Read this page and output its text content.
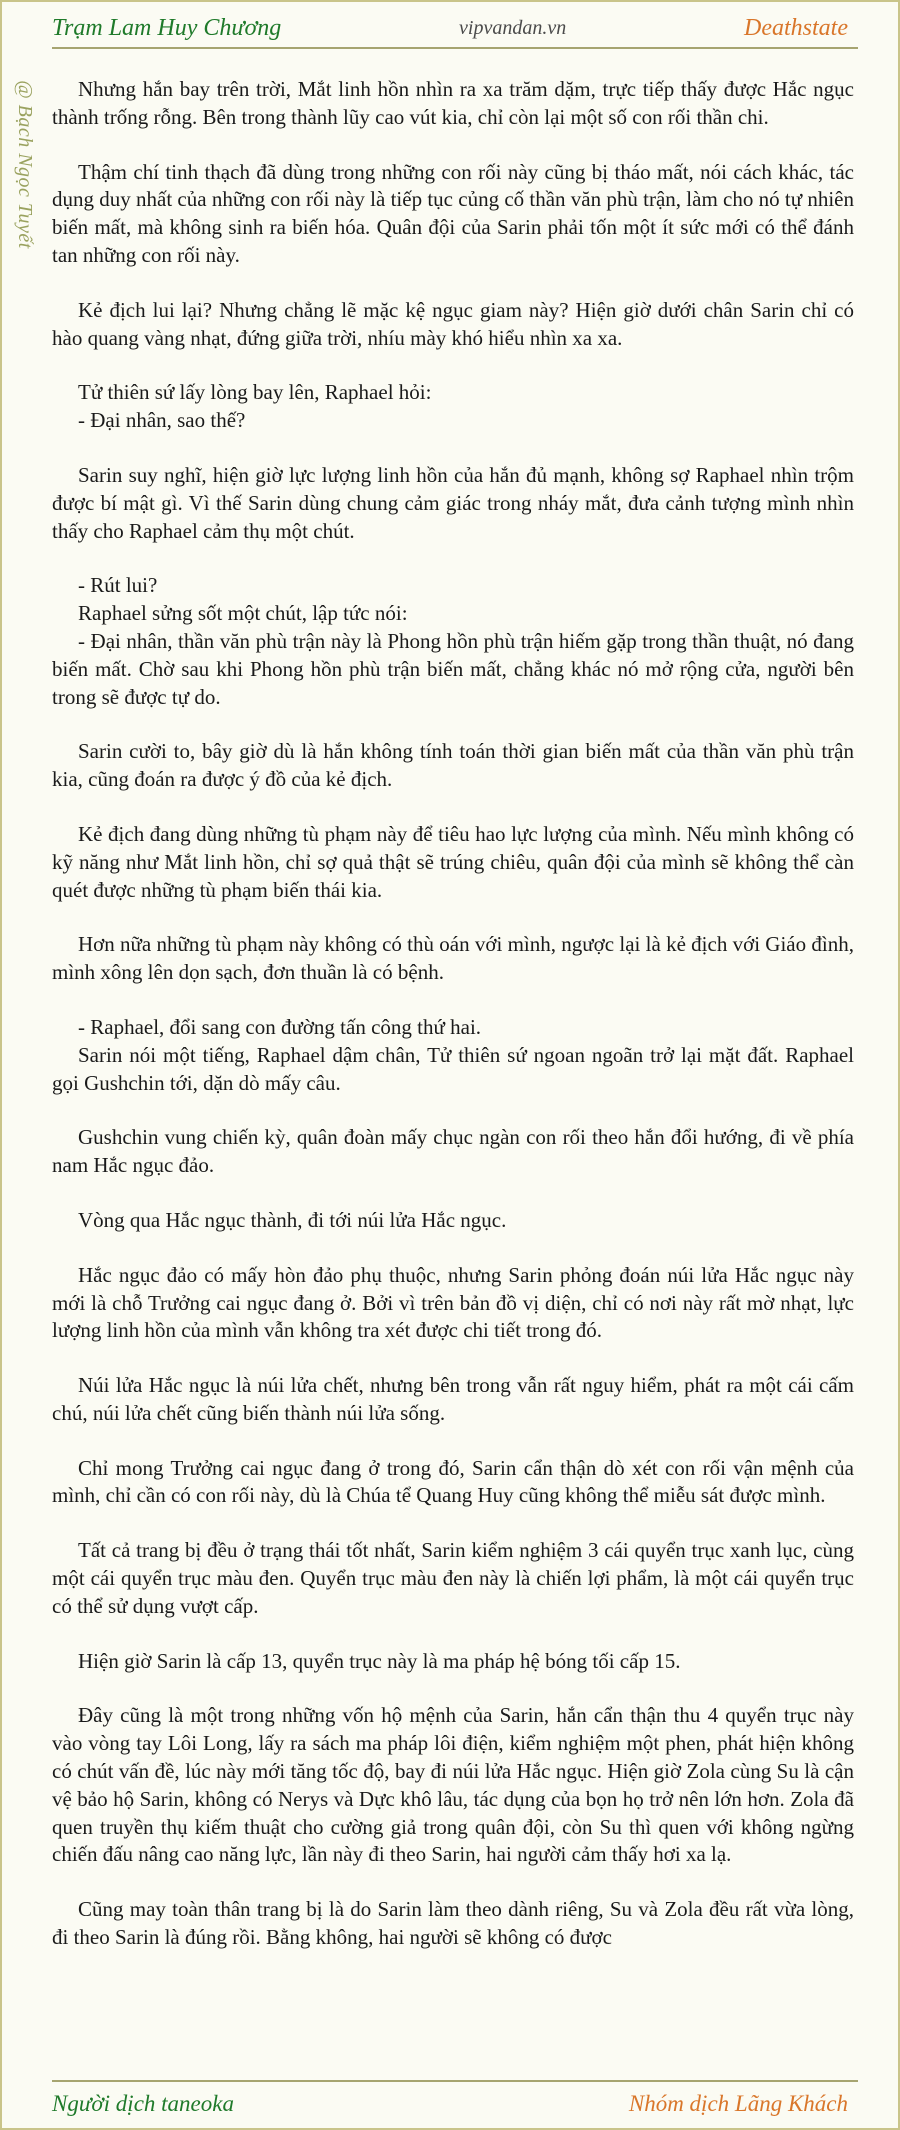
Trạm Lam Huy Chương	vipvandan.vn	Deathstate
@ Bạch Ngọc Tuyết	Nhưng hắn bay trên trời, Mắt linh hồn nhìn ra xa trăm dặm, trực tiếp thấy được Hắc ngục thành trống rỗng. Bên trong thành lũy cao vút kia, chỉ còn lại một số con rối thần chi.
Thậm chí tinh thạch đã dùng trong những con rối này cũng bị tháo mất, nói cách khác, tác dụng duy nhất của những con rối này là tiếp tục củng cố thần văn phù trận, làm cho nó tự nhiên biến mất, mà không sinh ra biến hóa. Quân đội của Sarin phải tốn một ít sức mới có thể đánh tan những con rối này.
Kẻ địch lui lại? Nhưng chẳng lẽ mặc kệ ngục giam này? Hiện giờ dưới chân Sarin chỉ có hào quang vàng nhạt, đứng giữa trời, nhíu mày khó hiểu nhìn xa xa.
Tử thiên sứ lấy lòng bay lên, Raphael hỏi:
- Đại nhân, sao thế?
Sarin suy nghĩ, hiện giờ lực lượng linh hồn của hắn đủ mạnh, không sợ Raphael nhìn trộm được bí mật gì. Vì thế Sarin dùng chung cảm giác trong nháy mắt, đưa cảnh tượng mình nhìn thấy cho Raphael cảm thụ một chút.
- Rút lui?
Raphael sửng sốt một chút, lập tức nói:
- Đại nhân, thần văn phù trận này là Phong hồn phù trận hiếm gặp trong thần thuật, nó đang biến mất. Chờ sau khi Phong hồn phù trận biến mất, chẳng khác nó mở rộng cửa, người bên trong sẽ được tự do.
Sarin cười to, bây giờ dù là hắn không tính toán thời gian biến mất của thần văn phù trận kia, cũng đoán ra được ý đồ của kẻ địch.
Kẻ địch đang dùng những tù phạm này để tiêu hao lực lượng của mình. Nếu mình không có kỹ năng như Mắt linh hồn, chỉ sợ quả thật sẽ trúng chiêu, quân đội của mình sẽ không thể càn quét được những tù phạm biến thái kia.
Hơn nữa những tù phạm này không có thù oán với mình, ngược lại là kẻ địch với Giáo đình, mình xông lên dọn sạch, đơn thuần là có bệnh.
- Raphael, đổi sang con đường tấn công thứ hai.
Sarin nói một tiếng, Raphael dậm chân, Tử thiên sứ ngoan ngoãn trở lại mặt đất. Raphael gọi Gushchin tới, dặn dò mấy câu.
Gushchin vung chiến kỳ, quân đoàn mấy chục ngàn con rối theo hắn đổi hướng, đi về phía nam Hắc ngục đảo.
Vòng qua Hắc ngục thành, đi tới núi lửa Hắc ngục.
Hắc ngục đảo có mấy hòn đảo phụ thuộc, nhưng Sarin phỏng đoán núi lửa Hắc ngục này mới là chỗ Trưởng cai ngục đang ở. Bởi vì trên bản đồ vị diện, chỉ có nơi này rất mờ nhạt, lực lượng linh hồn của mình vẫn không tra xét được chi tiết trong đó.
Núi lửa Hắc ngục là núi lửa chết, nhưng bên trong vẫn rất nguy hiểm, phát ra một cái cấm chú, núi lửa chết cũng biến thành núi lửa sống.
Chỉ mong Trưởng cai ngục đang ở trong đó, Sarin cẩn thận dò xét con rối vận mệnh của mình, chỉ cần có con rối này, dù là Chúa tể Quang Huy cũng không thể miễu sát được mình.
Tất cả trang bị đều ở trạng thái tốt nhất, Sarin kiểm nghiệm 3 cái quyển trục xanh lục, cùng một cái quyển trục màu đen. Quyển trục màu đen này là chiến lợi phẩm, là một cái quyển trục có thể sử dụng vượt cấp.
Hiện giờ Sarin là cấp 13, quyển trục này là ma pháp hệ bóng tối cấp 15.
Đây cũng là một trong những vốn hộ mệnh của Sarin, hắn cẩn thận thu 4 quyển trục này vào vòng tay Lôi Long, lấy ra sách ma pháp lôi điện, kiểm nghiệm một phen, phát hiện không có chút vấn đề, lúc này mới tăng tốc độ, bay đi núi lửa Hắc ngục. Hiện giờ Zola cùng Su là cận vệ bảo hộ Sarin, không có Nerys và Dực khô lâu, tác dụng của bọn họ trở nên lớn hơn. Zola đã quen truyền thụ kiếm thuật cho cường giả trong quân đội, còn Su thì quen với không ngừng chiến đấu nâng cao năng lực, lần này đi theo Sarin, hai người cảm thấy hơi xa lạ.
Cũng may toàn thân trang bị là do Sarin làm theo dành riêng, Su và Zola đều rất vừa lòng, đi theo Sarin là đúng rồi. Bằng không, hai người sẽ không có được
Người dịch taneoka	Nhóm dịch Lãng Khách
